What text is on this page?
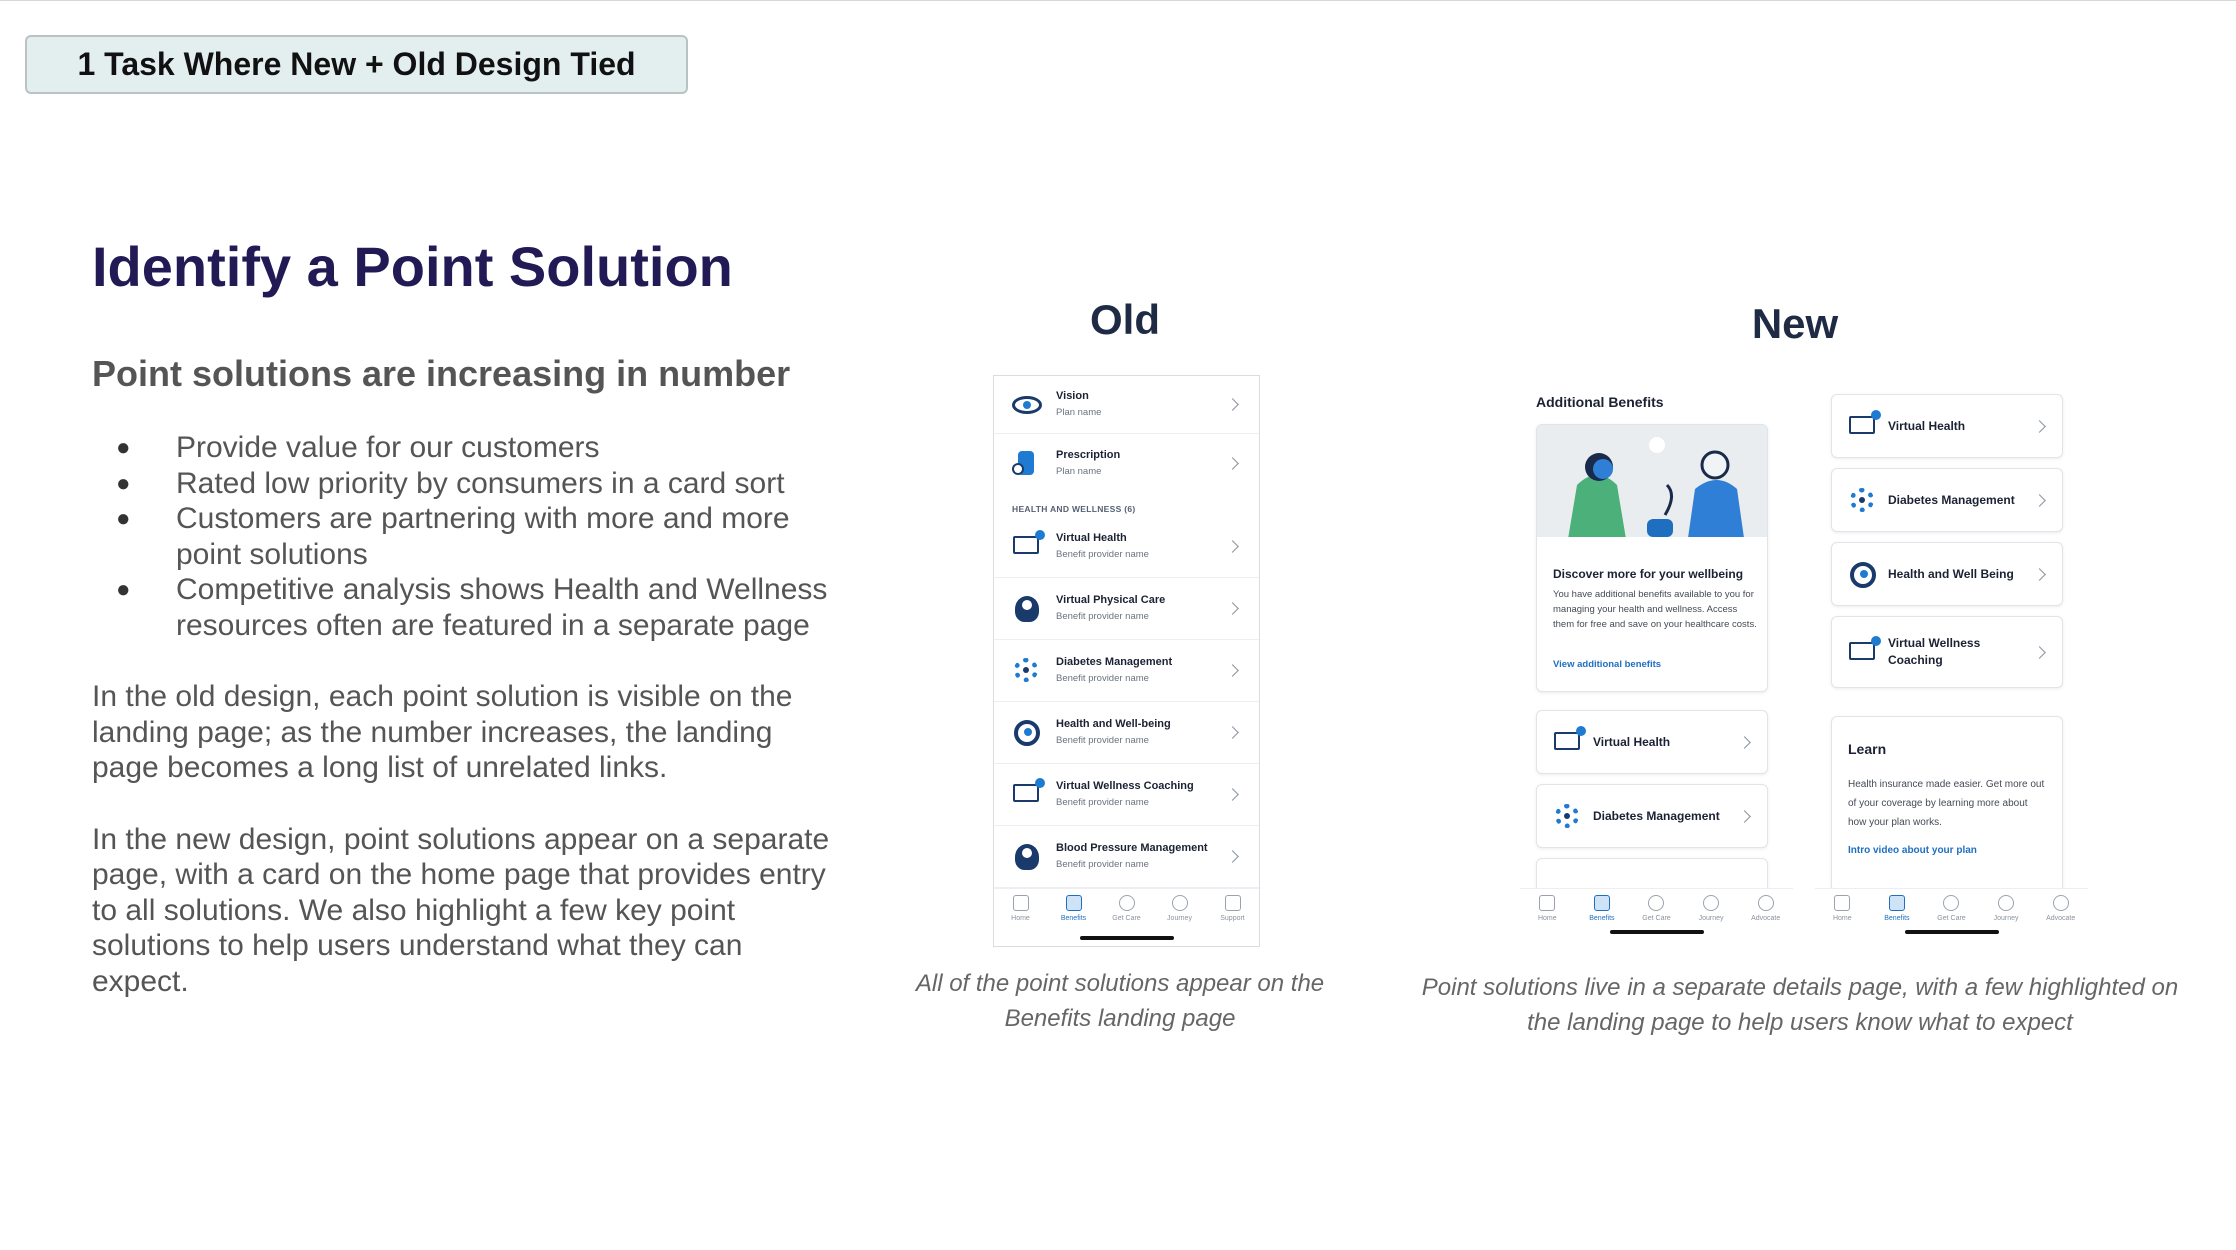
1 Task Where New + Old Design Tied
Identify a Point Solution
Point solutions are increasing in number
● Provide value for our customers
● Rated low priority by consumers in a card sort
● Customers are partnering with more and more point solutions
● Competitive analysis shows Health and Wellness resources often are featured in a separate page

In the old design, each point solution is visible on the landing page; as the number increases, the landing page becomes a long list of unrelated links.

In the new design, point solutions appear on a separate page, with a card on the home page that provides entry to all solutions. We also highlight a few key point solutions to help users understand what they can expect.

Old
Vision
Plan name
Prescription
Plan name
HEALTH AND WELLNESS (6)
Virtual Health
Benefit provider name
Virtual Physical Care
Benefit provider name
Diabetes Management
Benefit provider name
Health and Well-being
Benefit provider name
Virtual Wellness Coaching
Benefit provider name
Blood Pressure Management
Benefit provider name
Home	Benefits	Get Care	Journey	Support
All of the point solutions appear on the Benefits landing page
New
Additional Benefits
Discover more for your wellbeing
You have additional benefits available to you for managing your health and wellness. Access them for free and save on your healthcare costs.
View additional benefits
Virtual Health
Diabetes Management
Home	Benefits	Get Care	Journey	Advocate
Virtual Health
Diabetes Management
Health and Well Being
Virtual Wellness Coaching
Learn
Health insurance made easier. Get more out of your coverage by learning more about how your plan works.
Intro video about your plan
Home	Benefits	Get Care	Journey	Advocate
Point solutions live in a separate details page, with a few highlighted on the landing page to help users know what to expect
